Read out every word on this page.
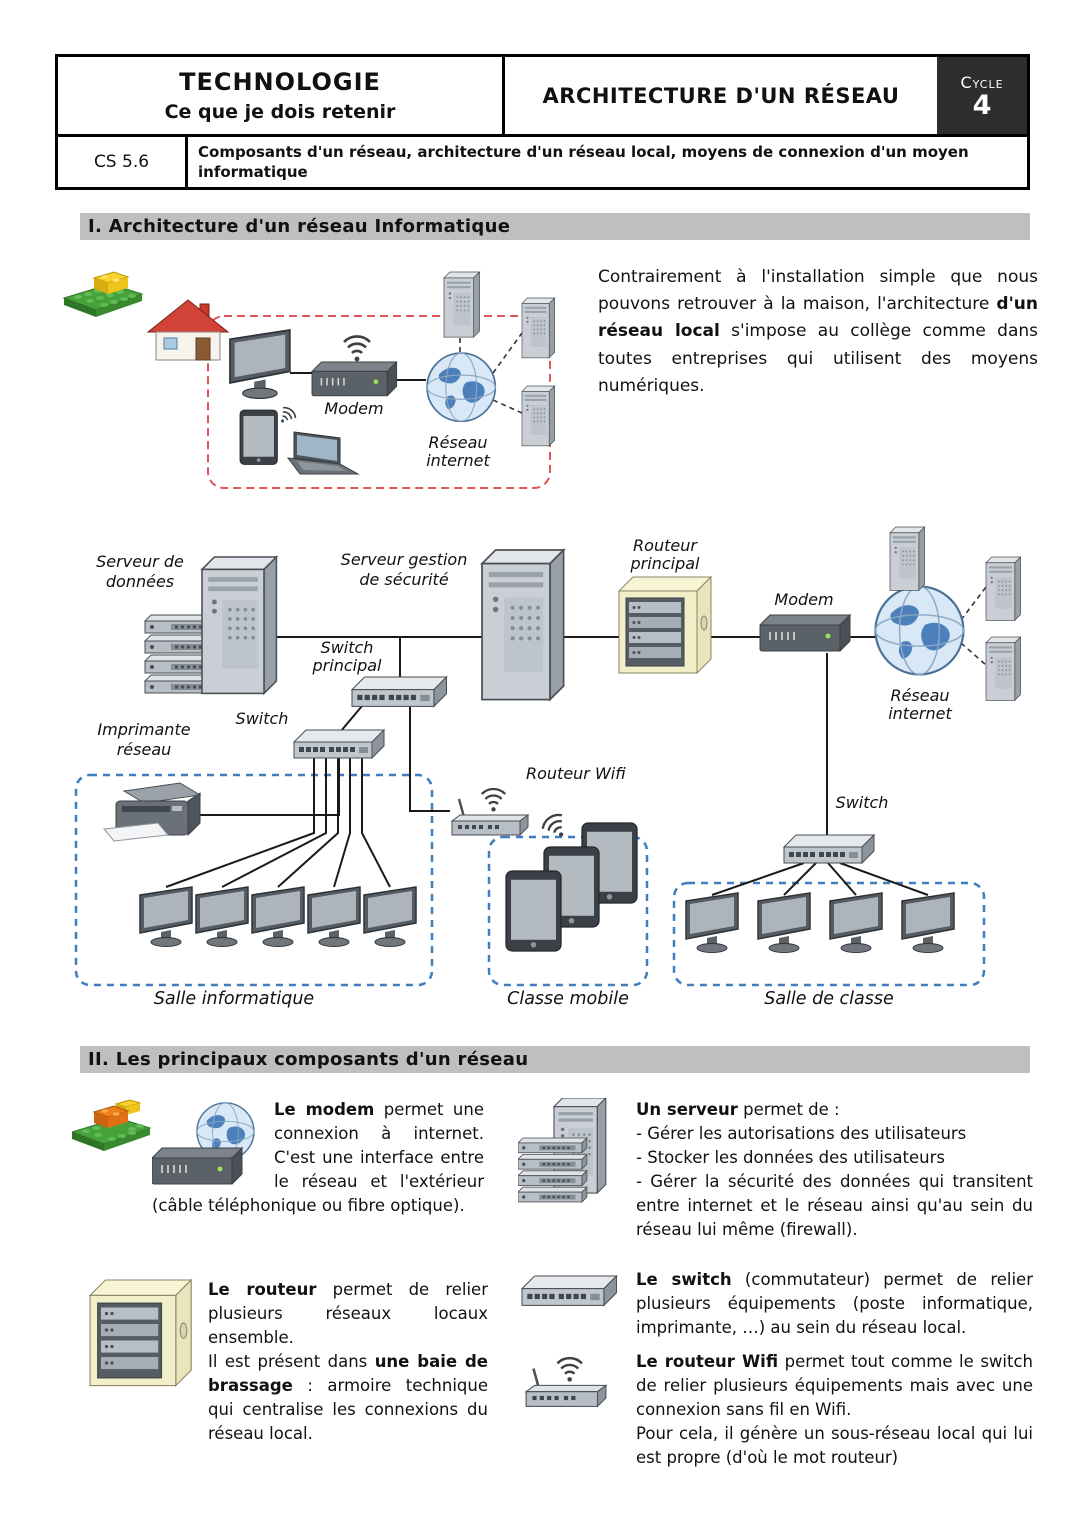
TECHNOLOGIE
Ce que je dois retenir
ARCHITECTURE D'UN RÉSEAU
Cycle
4
CS 5.6
Composants d'un réseau, architecture d'un réseau local, moyens de connexion d'un moyen informatique
I. Architecture d'un réseau Informatique
Modem
Réseau
internet

Contrairement à l'installation simple que nous pouvons retrouver à la maison, l'architecture d'un réseau local s'impose au collège comme dans toutes entreprises qui utilisent des moyens numériques.

Serveur de
données
Serveur gestion
de sécurité
Switch
principal
Routeur
principal
Modem
Réseau
internet
Switch
Imprimante
réseau
Routeur Wifi
Switch
Salle informatique	Classe mobile	Salle de classe
II. Les principaux composants d'un réseau

Le modem permet une connexion à internet. C'est une interface entre le réseau et l'extérieur (câble téléphonique ou fibre optique).

Le routeur permet de relier plusieurs réseaux locaux ensemble.
Il est présent dans une baie de brassage : armoire technique qui centralise les connexions du réseau local.
Un serveur permet de :
- Gérer les autorisations des utilisateurs
- Stocker les données des utilisateurs
- Gérer la sécurité des données qui transitent entre internet et le réseau ainsi qu'au sein du réseau lui même (firewall).
Le switch (commutateur) permet de relier plusieurs équipements (poste informatique, imprimante, …) au sein du réseau local.
Le routeur Wifi permet tout comme le switch de relier plusieurs équipements mais avec une connexion sans fil en Wifi.
Pour cela, il génère un sous-réseau local qui lui est propre (d'où le mot routeur)
